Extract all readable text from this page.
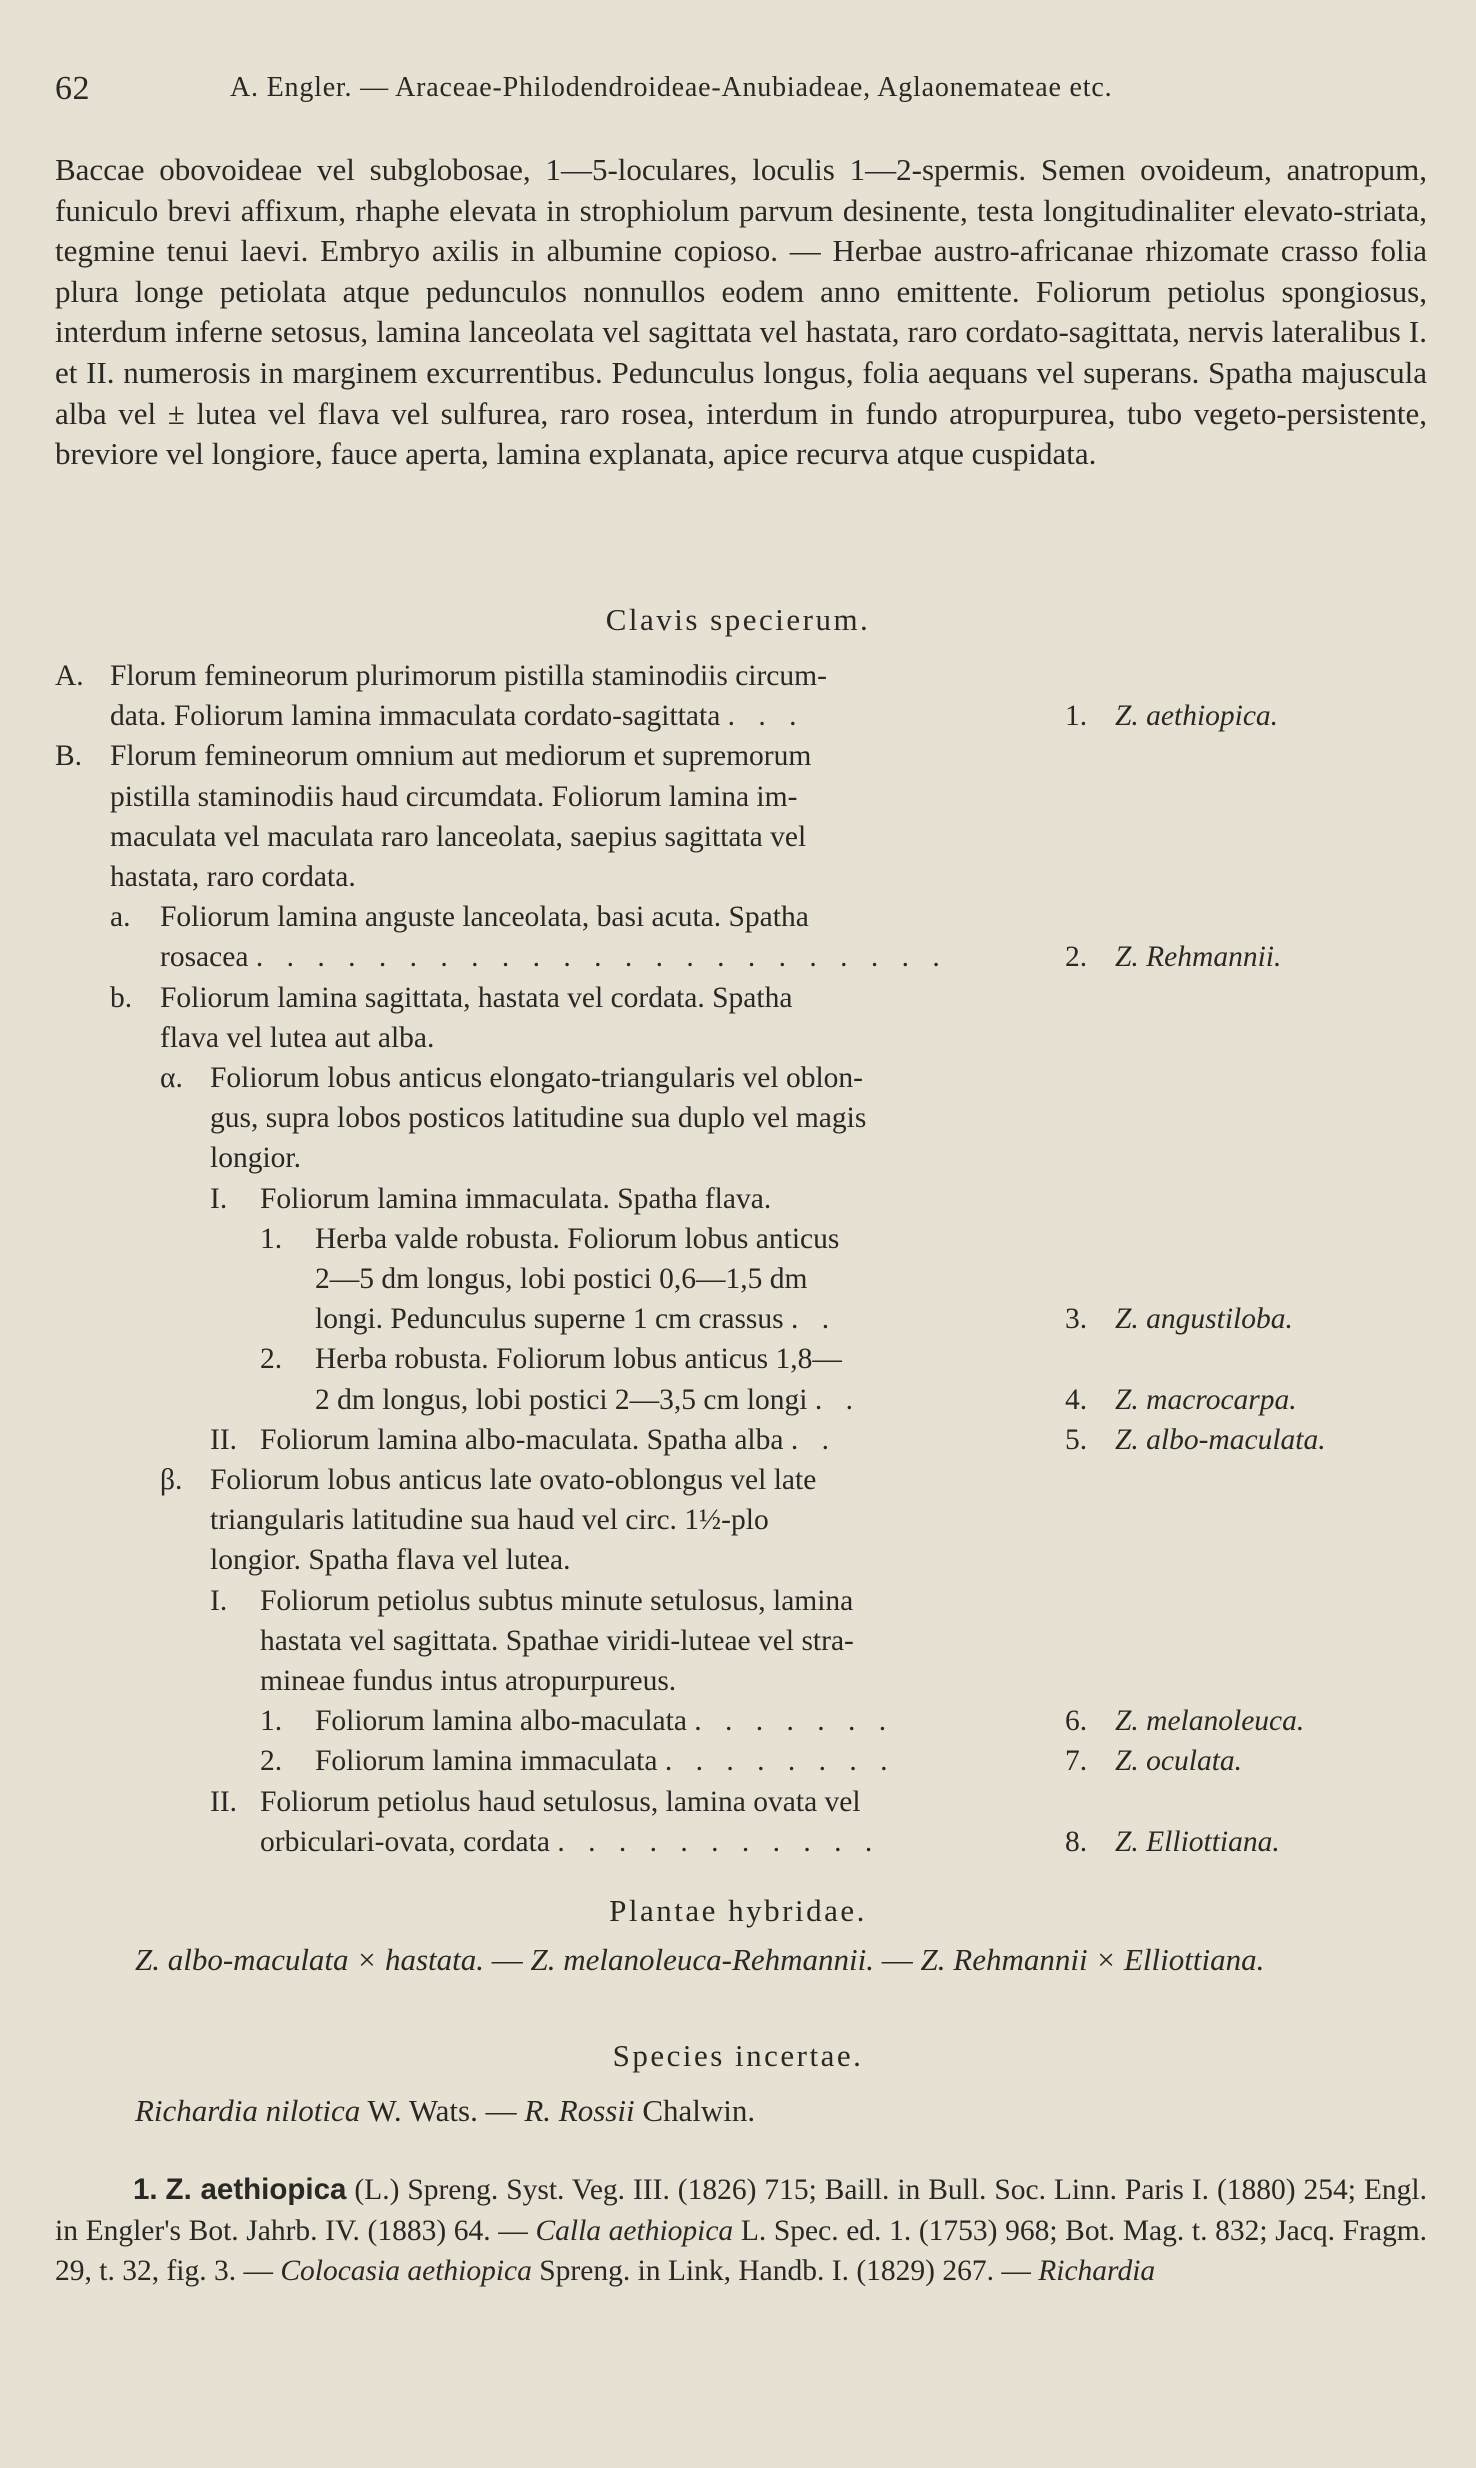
62	A. Engler. — Araceae-Philodendroideae-Anubiadeae, Aglaonemateae etc.

Baccae obovoideae vel subglobosae, 1—5-loculares, loculis 1—2-spermis. Semen ovoideum, anatropum, funiculo brevi affixum, rhaphe elevata in strophiolum parvum desinente, testa longitudinaliter elevato-striata, tegmine tenui laevi. Embryo axilis in albumine copioso. — Herbae austro-africanae rhizomate crasso folia plura longe petiolata atque pedunculos nonnullos eodem anno emittente. Foliorum petiolus spongiosus, interdum inferne setosus, lamina lanceolata vel sagittata vel hastata, raro cordato-sagittata, nervis lateralibus I. et II. numerosis in marginem excurrentibus. Pedunculus longus, folia aequans vel superans. Spatha majuscula alba vel ± lutea vel flava vel sulfurea, raro rosea, interdum in fundo atropurpurea, tubo vegeto-persistente, breviore vel longiore, fauce aperta, lamina explanata, apice recurva atque cuspidata.

Clavis specierum.
A. Florum femineorum plurimorum pistilla staminodiis circum-
data. Foliorum lamina immaculata cordato-sagittata . . .	1. Z. aethiopica.
B. Florum femineorum omnium aut mediorum et supremorum
pistilla staminodiis haud circumdata. Foliorum lamina im-
maculata vel maculata raro lanceolata, saepius sagittata vel
hastata, raro cordata.
a. Foliorum lamina anguste lanceolata, basi acuta. Spatha
rosacea . . . . . . . . . . . . . . . . . . . . . . .	2. Z. Rehmannii.
b. Foliorum lamina sagittata, hastata vel cordata. Spatha
flava vel lutea aut alba.
α. Foliorum lobus anticus elongato-triangularis vel oblon-
gus, supra lobos posticos latitudine sua duplo vel magis
longior.
I. Foliorum lamina immaculata. Spatha flava.
1. Herba valde robusta. Foliorum lobus anticus
2—5 dm longus, lobi postici 0,6—1,5 dm
longi. Pedunculus superne 1 cm crassus . .	3. Z. angustiloba.
2. Herba robusta. Foliorum lobus anticus 1,8—
2 dm longus, lobi postici 2—3,5 cm longi . .	4. Z. macrocarpa.
II. Foliorum lamina albo-maculata. Spatha alba . .	5. Z. albo-maculata.
β. Foliorum lobus anticus late ovato-oblongus vel late
triangularis latitudine sua haud vel circ. 1½-plo
longior. Spatha flava vel lutea.
I. Foliorum petiolus subtus minute setulosus, lamina
hastata vel sagittata. Spathae viridi-luteae vel stra-
mineae fundus intus atropurpureus.
1. Foliorum lamina albo-maculata . . . . . . .	6. Z. melanoleuca.
2. Foliorum lamina immaculata . . . . . . . .	7. Z. oculata.
II. Foliorum petiolus haud setulosus, lamina ovata vel
orbiculari-ovata, cordata . . . . . . . . . . .	8. Z. Elliottiana.
Plantae hybridae.
Z. albo-maculata × hastata. — Z. melanoleuca-Rehmannii. — Z. Rehmannii × Elliottiana.
Species incertae.
Richardia nilotica W. Wats. — R. Rossii Chalwin.

1. Z. aethiopica (L.) Spreng. Syst. Veg. III. (1826) 715; Baill. in Bull. Soc. Linn. Paris I. (1880) 254; Engl. in Engler's Bot. Jahrb. IV. (1883) 64. — Calla aethiopica L. Spec. ed. 1. (1753) 968; Bot. Mag. t. 832; Jacq. Fragm. 29, t. 32, fig. 3. — Colocasia aethiopica Spreng. in Link, Handb. I. (1829) 267. — Richardia
